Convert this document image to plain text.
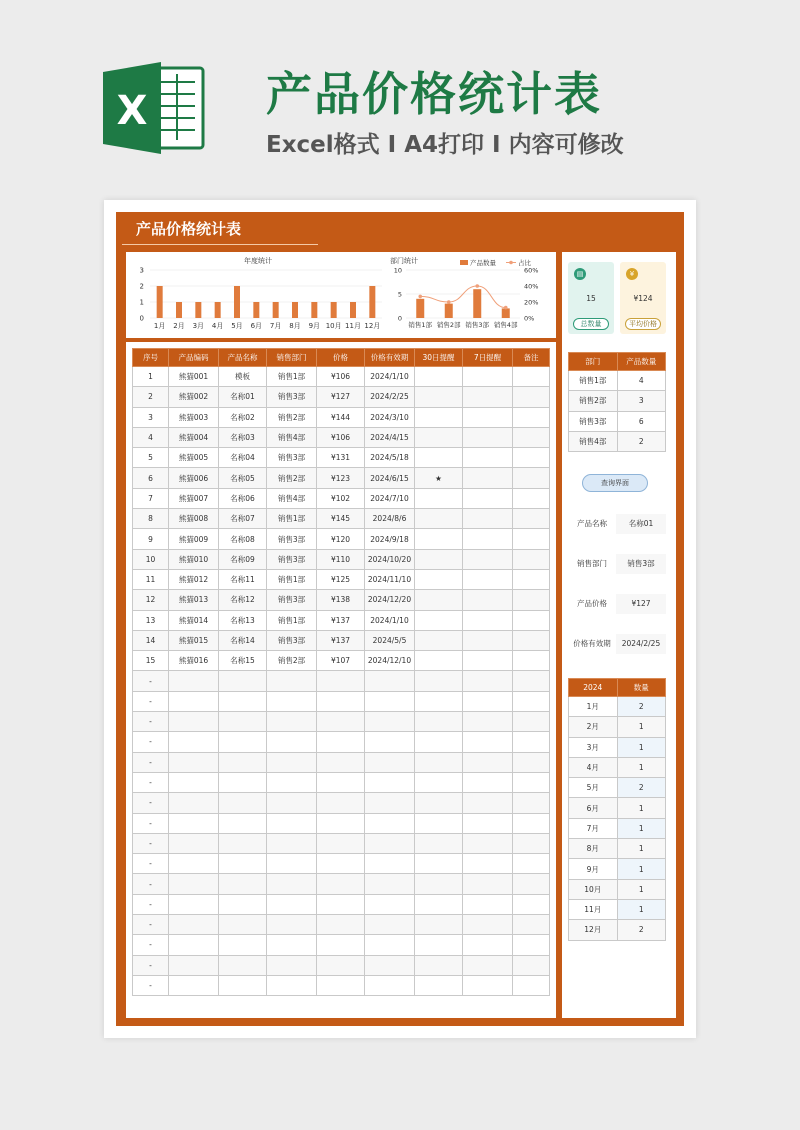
X	产品价格统计表
Excel格式 I A4打印 I 内容可修改
产品价格统计表
年度统计
0
1
2
3
1月 2月 3月 4月 5月 6月 7月 8月 9月 10月 11月 12月
部门统计
0
5
10
0%
20%
40%
60%
销售1部 销售2部 销售3部 销售4部
产品数量	占比
序号	产品编码	产品名称	销售部门	价格	价格有效期	30日提醒	7日提醒	备注
1	熊猫001	模板	销售1部	¥106	2024/1/10			
2	熊猫002	名称01	销售3部	¥127	2024/2/25			
3	熊猫003	名称02	销售2部	¥144	2024/3/10			
4	熊猫004	名称03	销售4部	¥106	2024/4/15			
5	熊猫005	名称04	销售3部	¥131	2024/5/18			
6	熊猫006	名称05	销售2部	¥123	2024/6/15	★		
7	熊猫007	名称06	销售4部	¥102	2024/7/10			
8	熊猫008	名称07	销售1部	¥145	2024/8/6			
9	熊猫009	名称08	销售3部	¥120	2024/9/18			
10	熊猫010	名称09	销售3部	¥110	2024/10/20			
11	熊猫012	名称11	销售1部	¥125	2024/11/10			
12	熊猫013	名称12	销售3部	¥138	2024/12/20			
13	熊猫014	名称13	销售1部	¥137	2024/1/10			
14	熊猫015	名称14	销售3部	¥137	2024/5/5			
15	熊猫016	名称15	销售2部	¥107	2024/12/10			
-								
-								
-								
-								
-								
-								
-								
-								
-								
-								
-								
-								
-								
-								
-								
-								
▤
15
总数量
¥
¥124
平均价格
部门	产品数量
销售1部	4
销售2部	3
销售3部	6
销售4部	2
查询界面
产品名称	名称01
销售部门	销售3部
产品价格	¥127
价格有效期	2024/2/25
2024	数量
1月	2
2月	1
3月	1
4月	1
5月	2
6月	1
7月	1
8月	1
9月	1
10月	1
11月	1
12月	2
